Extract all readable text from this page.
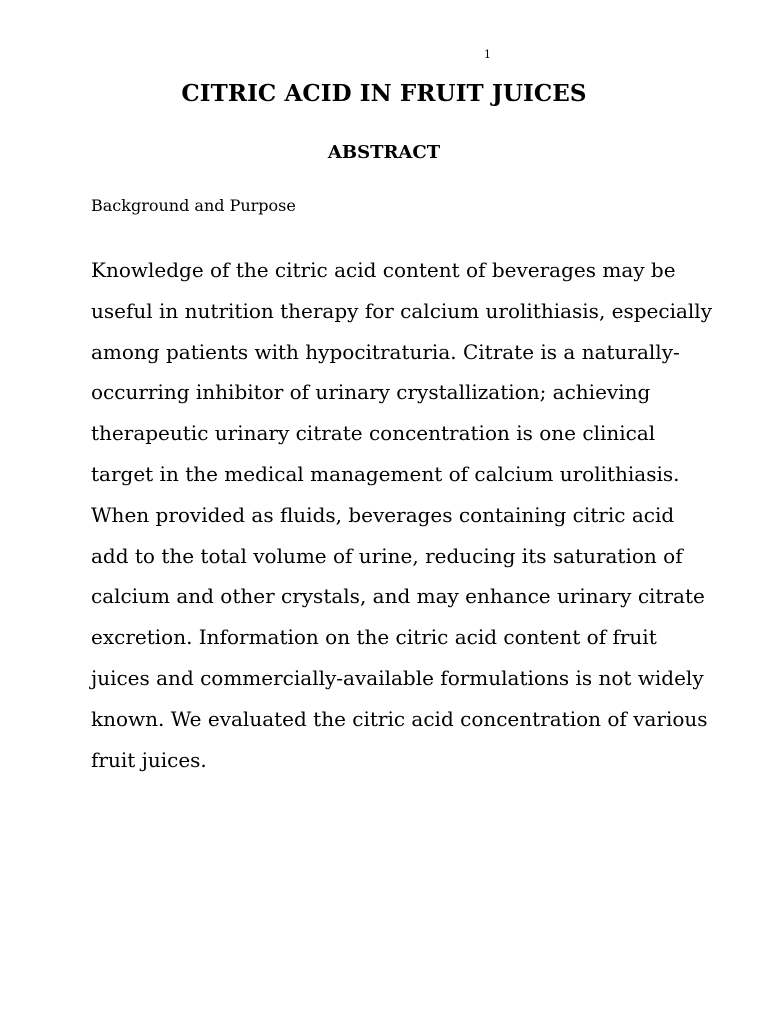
1
CITRIC ACID IN FRUIT JUICES
ABSTRACT
Background and Purpose

Knowledge of the citric acid content of beverages may be
useful in nutrition therapy for calcium urolithiasis, especially
among patients with hypocitraturia. Citrate is a naturally-
occurring inhibitor of urinary crystallization; achieving
therapeutic urinary citrate concentration is one clinical
target in the medical management of calcium urolithiasis.
When provided as fluids, beverages containing citric acid
add to the total volume of urine, reducing its saturation of
calcium and other crystals, and may enhance urinary citrate
excretion. Information on the citric acid content of fruit
juices and commercially-available formulations is not widely
known. We evaluated the citric acid concentration of various
fruit juices.
